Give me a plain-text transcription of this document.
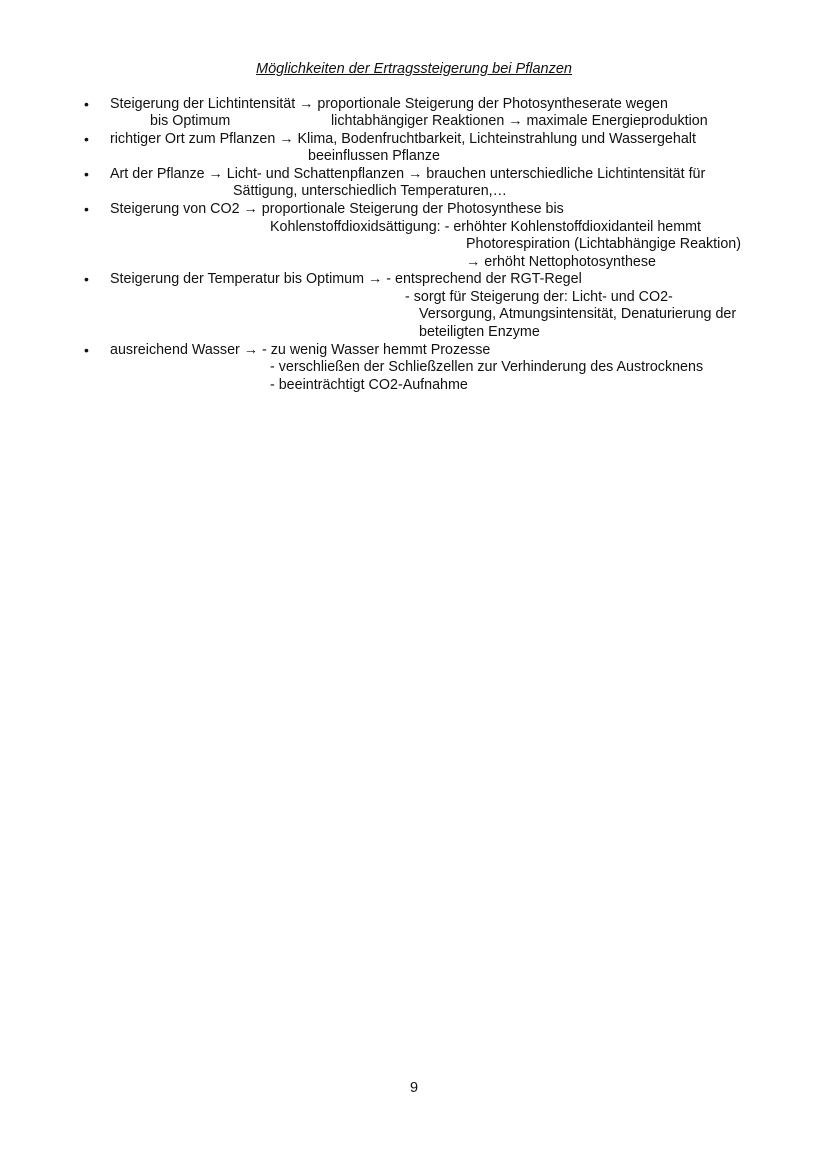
Möglichkeiten der Ertragssteigerung bei Pflanzen
• Steigerung der Lichtintensität → proportionale Steigerung der Photosyntheserate wegen
bis Optimum	lichtabhängiger Reaktionen → maximale Energieproduktion
• richtiger Ort zum Pflanzen → Klima, Bodenfruchtbarkeit, Lichteinstrahlung und Wassergehalt
beeinflussen Pflanze
• Art der Pflanze → Licht- und Schattenpflanzen → brauchen unterschiedliche Lichtintensität für
Sättigung, unterschiedlich Temperaturen,…
• Steigerung von CO2 → proportionale Steigerung der Photosynthese bis
Kohlenstoffdioxidsättigung: - erhöhter Kohlenstoffdioxidanteil hemmt
Photorespiration (Lichtabhängige Reaktion)
→ erhöht Nettophotosynthese
• Steigerung der Temperatur bis Optimum → - entsprechend der RGT-Regel
- sorgt für Steigerung der: Licht- und CO2-
Versorgung, Atmungsintensität, Denaturierung der
beteiligten Enzyme
• ausreichend Wasser → - zu wenig Wasser hemmt Prozesse
- verschließen der Schließzellen zur Verhinderung des Austrocknens
- beeinträchtigt CO2-Aufnahme
9
